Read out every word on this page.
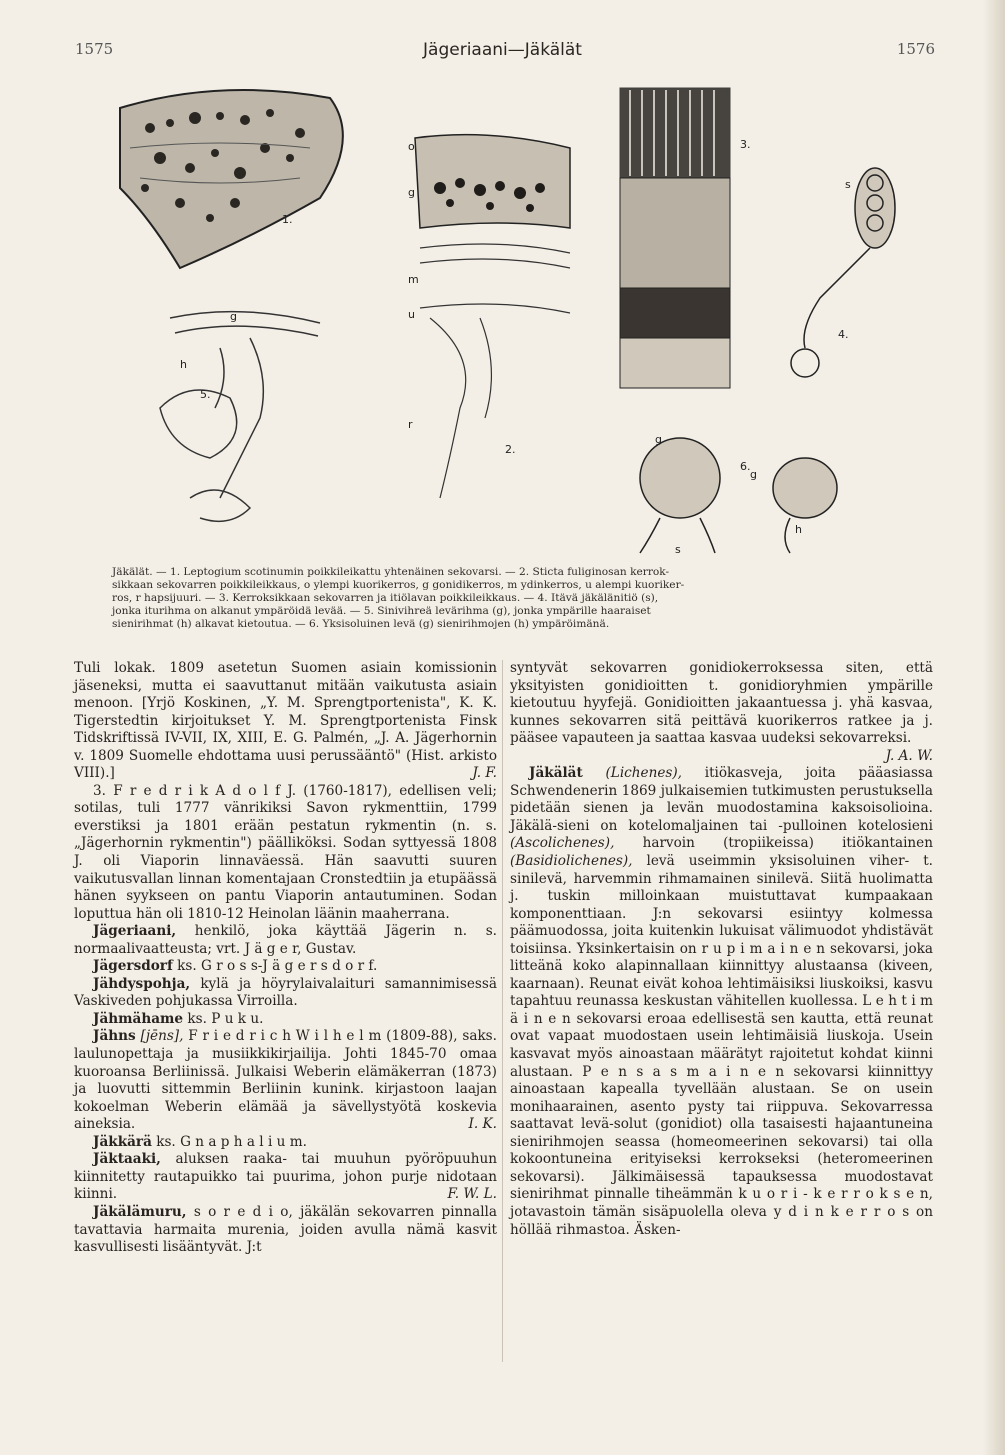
Jägeriaani—Jäkälät
1575	1576
1.
g
h
5.
o
g
m
u
r
2.
3.
s
4.
g
g
h
6.
s
Jäkälät. — 1. Leptogium scotinumin poikkileikattu yhtenäinen sekovarsi. — 2. Sticta fuliginosan kerrok-
sikkaan sekovarren poikkileikkaus, o ylempi kuorikerros, g gonidikerros, m ydinkerros, u alempi kuoriker-
ros, r hapsijuuri. — 3. Kerroksikkaan sekovarren ja itiölavan poikkileikkaus. — 4. Itävä jäkälänitiö (s),
jonka iturihma on alkanut ympäröidä levää. — 5. Sinivihreä levärihma (g), jonka ympärille haaraiset
sienirihmat (h) alkavat kietoutua. — 6. Yksisoluinen levä (g) sienirihmojen (h) ympäröimänä.

Tuli lokak. 1809 asetetun Suomen asiain komissionin jäseneksi, mutta ei saavuttanut mitään vaikutusta asiain menoon. [Yrjö Koskinen, „Y. M. Sprengtportenista", K. K. Tigerstedtin kirjoitukset Y. M. Sprengtportenista Finsk Tidskriftissä IV-VII, IX, XIII, E. G. Palmén, „J. A. Jägerhornin v. 1809 Suomelle ehdottama uusi perussääntö" (Hist. arkisto VIII).]	J. F.

3. F r e d r i k A d o l f J. (1760-1817), edellisen veli; sotilas, tuli 1777 vänrikiksi Savon rykmenttiin, 1799 everstiksi ja 1801 erään pestatun rykmentin (n. s. „Jägerhornin rykmentin") päälliköksi. Sodan syttyessä 1808 J. oli Viaporin linnaväessä. Hän saavutti suuren vaikutusvallan linnan komentajaan Cronstedtiin ja etupäässä hänen syykseen on pantu Viaporin antautuminen. Sodan loputtua hän oli 1810-12 Heinolan läänin maaherrana.

Jägeriaani, henkilö, joka käyttää Jägerin n. s. normaalivaatteusta; vrt. J ä g e r, Gustav.

Jägersdorf ks. G r o s s-J ä g e r s d o r f.

Jähdyspohja, kylä ja höyrylaivalaituri samannimisessä Vaskiveden pohjukassa Virroilla.

Jähmähame ks. P u k u.

Jähns [jēns], F r i e d r i c h W i l h e l m (1809-88), saks. laulunopettaja ja musiikkikirjailija. Johti 1845-70 omaa kuoroansa Berliinissä. Julkaisi Weberin elämäkerran (1873) ja luovutti sittemmin Berliinin kunink. kirjastoon laajan kokoelman Weberin elämää ja sävellystyötä koskevia aineksia.	I. K.

Jäkkärä ks. G n a p h a l i u m.

Jäktaaki, aluksen raaka- tai muuhun pyöröpuuhun kiinnitetty rautapuikko tai puurima, johon purje nidotaan kiinni.	F. W. L.

Jäkälämuru, s o r e d i o, jäkälän sekovarren pinnalla tavattavia harmaita murenia, joiden avulla nämä kasvit kasvullisesti lisääntyvät. J:t

syntyvät sekovarren gonidiokerroksessa siten, että yksityisten gonidioitten t. gonidioryhmien ympärille kietoutuu hyyfejä. Gonidioitten jakaantuessa j. yhä kasvaa, kunnes sekovarren sitä peittävä kuorikerros ratkee ja j. pääsee vapauteen ja saattaa kasvaa uudeksi sekovarreksi.

J. A. W.

Jäkälät (Lichenes), itiökasveja, joita pääasiassa Schwendenerin 1869 julkaisemien tutkimusten perustuksella pidetään sienen ja levän muodostamina kaksoisolioina. Jäkälä-sieni on kotelomaljainen tai -pulloinen kotelosieni (Ascolichenes), harvoin (tropiikeissa) itiökantainen (Basidiolichenes), levä useimmin yksisoluinen viher- t. sinilevä, harvemmin rihmamainen sinilevä. Siitä huolimatta j. tuskin milloinkaan muistuttavat kumpaakaan komponenttiaan. J:n sekovarsi esiintyy kolmessa päämuodossa, joita kuitenkin lukuisat välimuodot yhdistävät toisiinsa. Yksinkertaisin on r u p i m a i n e n sekovarsi, joka litteänä koko alapinnallaan kiinnittyy alustaansa (kiveen, kaarnaan). Reunat eivät kohoa lehtimäisiksi liuskoiksi, kasvu tapahtuu reunassa keskustan vähitellen kuollessa. L e h t i m ä i n e n sekovarsi eroaa edellisestä sen kautta, että reunat ovat vapaat muodostaen usein lehtimäisiä liuskoja. Usein kasvavat myös ainoastaan määrätyt rajoitetut kohdat kiinni alustaan. P e n s a s m a i n e n sekovarsi kiinnittyy ainoastaan kapealla tyvellään alustaan. Se on usein monihaarainen, asento pysty tai riippuva. Sekovarressa saattavat levä-solut (gonidiot) olla tasaisesti hajaantuneina sienirihmojen seassa (homeomeerinen sekovarsi) tai olla kokoontuneina erityiseksi kerrokseksi (heteromeerinen sekovarsi). Jälkimäisessä tapauksessa muodostavat sienirihmat pinnalle tiheämmän k u o r i - k e r r o k s e n, jotavastoin tämän sisäpuolella oleva y d i n k e r r o s on höllää rihmastoa. Äsken-
